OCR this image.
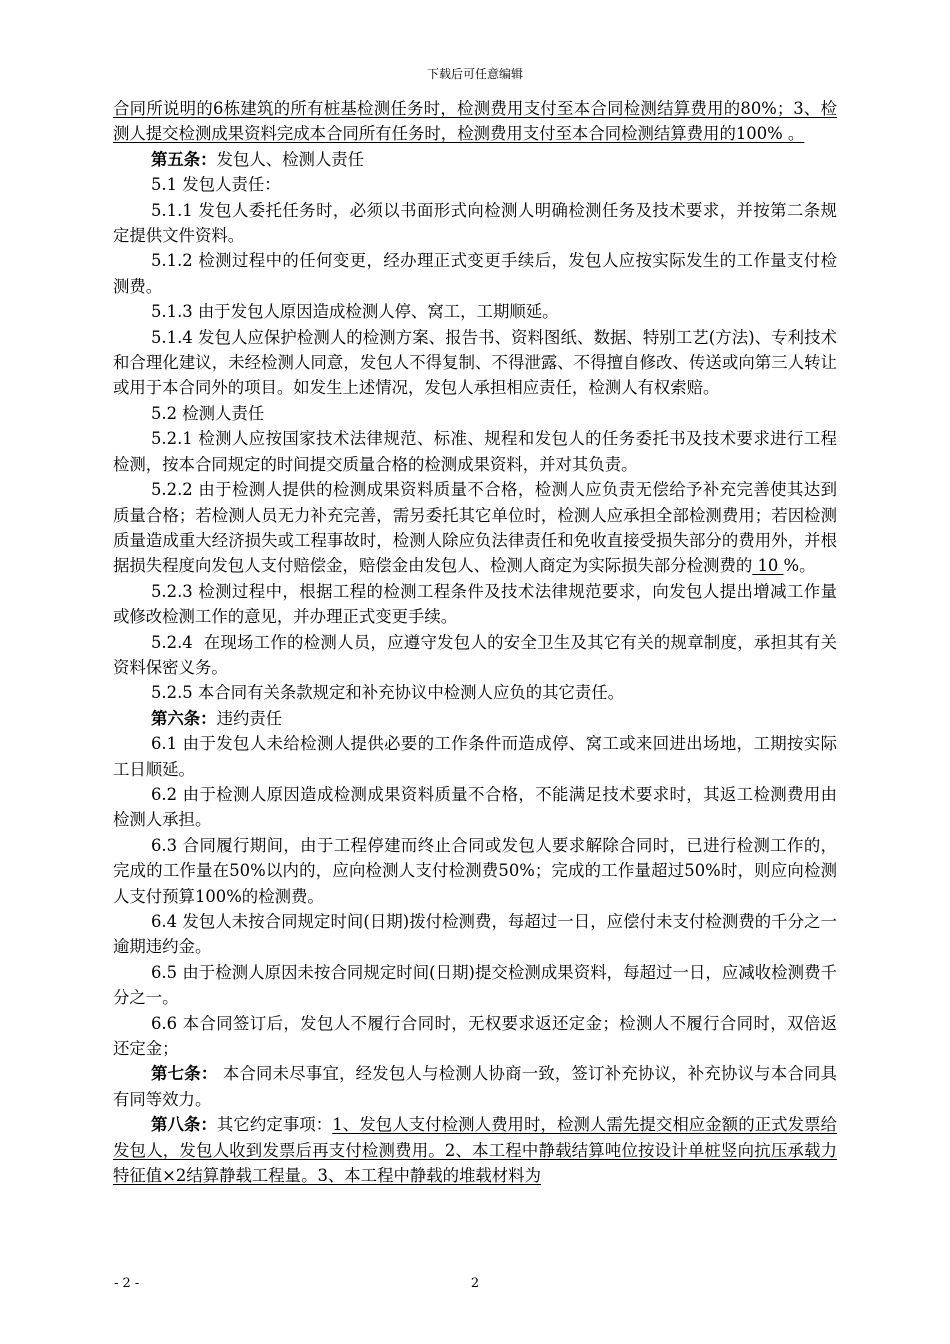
下载后可任意编辑

合同所说明的6栋建筑的所有桩基检测任务时，检测费用支付至本合同检测结算费用的80%；3、检测人提交检测成果资料完成本合同所有任务时，检测费用支付至本合同检测结算费用的100% 。

第五条：发包人、检测人责任

5.1 发包人责任：

5.1.1 发包人委托任务时，必须以书面形式向检测人明确检测任务及技术要求，并按第二条规定提供文件资料。

5.1.2 检测过程中的任何变更，经办理正式变更手续后，发包人应按实际发生的工作量支付检测费。

5.1.3 由于发包人原因造成检测人停、窝工，工期顺延。

5.1.4 发包人应保护检测人的检测方案、报告书、资料图纸、数据、特别工艺(方法)、专利技术和合理化建议，未经检测人同意，发包人不得复制、不得泄露、不得擅自修改、传送或向第三人转让或用于本合同外的项目。如发生上述情况，发包人承担相应责任，检测人有权索赔。

5.2 检测人责任

5.2.1 检测人应按国家技术法律规范、标准、规程和发包人的任务委托书及技术要求进行工程检测，按本合同规定的时间提交质量合格的检测成果资料，并对其负责。

5.2.2 由于检测人提供的检测成果资料质量不合格，检测人应负责无偿给予补充完善使其达到质量合格；若检测人员无力补充完善，需另委托其它单位时，检测人应承担全部检测费用；若因检测质量造成重大经济损失或工程事故时，检测人除应负法律责任和免收直接受损失部分的费用外，并根据损失程度向发包人支付赔偿金，赔偿金由发包人、检测人商定为实际损失部分检测费的 10 %。

5.2.3 检测过程中，根据工程的检测工程条件及技术法律规范要求，向发包人提出增减工作量或修改检测工作的意见，并办理正式变更手续。

5.2.4  在现场工作的检测人员，应遵守发包人的安全卫生及其它有关的规章制度，承担其有关资料保密义务。

5.2.5 本合同有关条款规定和补充协议中检测人应负的其它责任。

第六条：违约责任

6.1 由于发包人未给检测人提供必要的工作条件而造成停、窝工或来回进出场地，工期按实际工日顺延。

6.2 由于检测人原因造成检测成果资料质量不合格，不能满足技术要求时，其返工检测费用由检测人承担。

6.3 合同履行期间，由于工程停建而终止合同或发包人要求解除合同时，已进行检测工作的，完成的工作量在50%以内的，应向检测人支付检测费50%；完成的工作量超过50%时，则应向检测人支付预算100%的检测费。

6.4 发包人未按合同规定时间(日期)拨付检测费，每超过一日，应偿付未支付检测费的千分之一逾期违约金。

6.5 由于检测人原因未按合同规定时间(日期)提交检测成果资料，每超过一日，应减收检测费千分之一。

6.6 本合同签订后，发包人不履行合同时，无权要求返还定金；检测人不履行合同时，双倍返还定金；

第七条： 本合同未尽事宜，经发包人与检测人协商一致，签订补充协议，补充协议与本合同具有同等效力。

第八条：其它约定事项：1、发包人支付检测人费用时，检测人需先提交相应金额的正式发票给发包人，发包人收到发票后再支付检测费用。2、本工程中静载结算吨位按设计单桩竖向抗压承载力特征值×2结算静载工程量。3、本工程中静载的堆载材料为

- 2 -	2
